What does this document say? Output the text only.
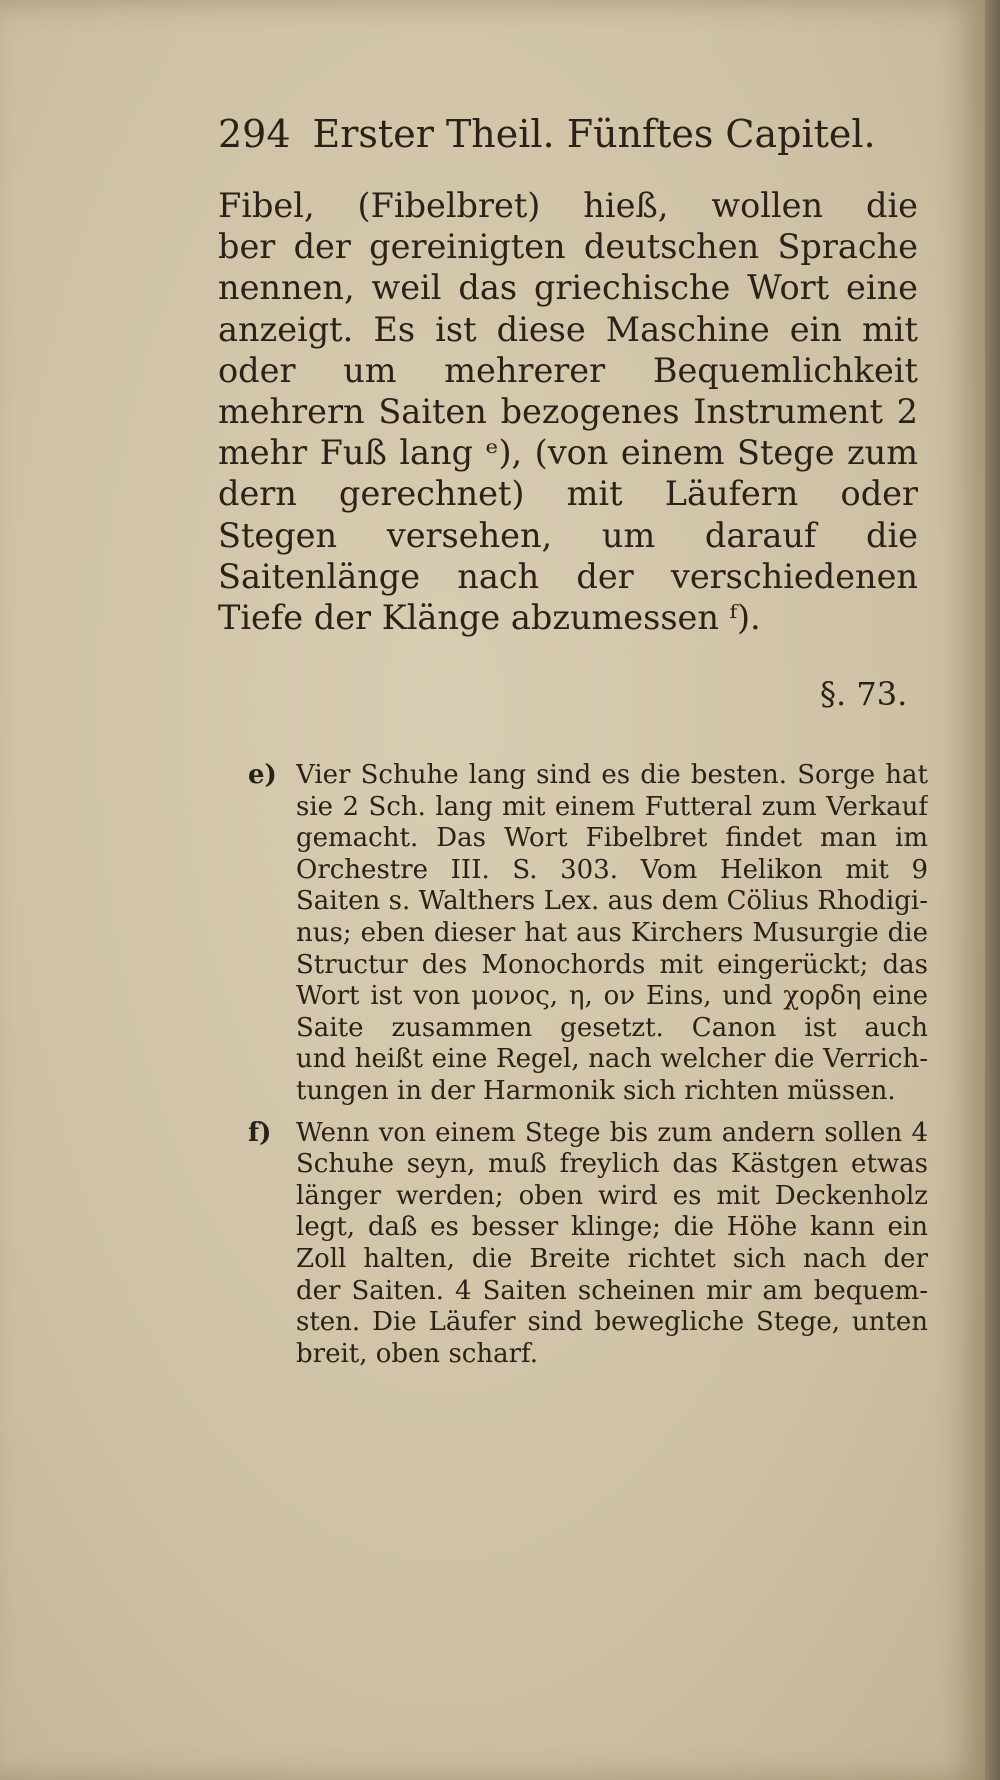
294 Erster Theil. Fünftes Capitel.
Fibel, (Fibelbret) hieß, wollen die
ber der gereinigten deutschen Sprache
nennen, weil das griechische Wort eine
anzeigt. Es ist diese Maschine ein mit
oder um mehrerer Bequemlichkeit
mehrern Saiten bezogenes Instrument 2
mehr Fuß lang ᵉ), (von einem Stege zum
dern gerechnet) mit Läufern oder
Stegen versehen, um darauf die
Saitenlänge nach der verschiedenen
Tiefe der Klänge abzumessen ᶠ).
§. 73.
e) Vier Schuhe lang sind es die besten. Sorge hat
sie 2 Sch. lang mit einem Futteral zum Verkauf
gemacht. Das Wort Fibelbret findet man im
Orchestre III. S. 303. Vom Helikon mit 9
Saiten s. Walthers Lex. aus dem Cölius Rhodigi-
nus; eben dieser hat aus Kirchers Musurgie die
Structur des Monochords mit eingerückt; das
Wort ist von μονος, η, ον Eins, und χορδη eine
Saite zusammen gesetzt. Canon ist auch
und heißt eine Regel, nach welcher die Verrich-
tungen in der Harmonik sich richten müssen.
f) Wenn von einem Stege bis zum andern sollen 4
Schuhe seyn, muß freylich das Kästgen etwas
länger werden; oben wird es mit Deckenholz
legt, daß es besser klinge; die Höhe kann ein
Zoll halten, die Breite richtet sich nach der
der Saiten. 4 Saiten scheinen mir am bequem-
sten. Die Läufer sind bewegliche Stege, unten
breit, oben scharf.
